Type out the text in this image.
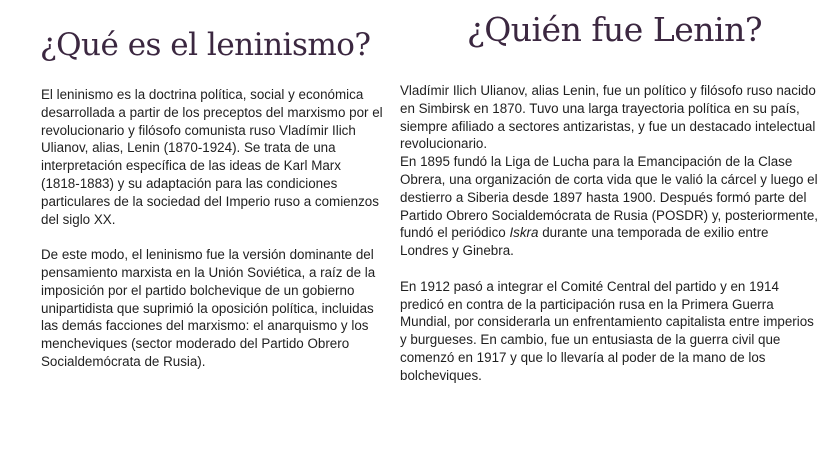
¿Qué es el leninismo?

El leninismo es la doctrina política, social y económica desarrollada a partir de los preceptos del marxismo por el revolucionario y filósofo comunista ruso Vladímir Ilich Ulianov, alias, Lenin (1870-1924). Se trata de una interpretación específica de las ideas de Karl Marx (1818-1883) y su adaptación para las condiciones particulares de la sociedad del Imperio ruso a comienzos del siglo XX.

De este modo, el leninismo fue la versión dominante del pensamiento marxista en la Unión Soviética, a raíz de la imposición por el partido bolchevique de un gobierno unipartidista que suprimió la oposición política, incluidas las demás facciones del marxismo: el anarquismo y los mencheviques (sector moderado del Partido Obrero Socialdemócrata de Rusia).

¿Quién fue Lenin?

Vladímir Ilich Ulianov, alias Lenin, fue un político y filósofo ruso nacido en Simbirsk en 1870. Tuvo una larga trayectoria política en su país, siempre afiliado a sectores antizaristas, y fue un destacado intelectual revolucionario.

En 1895 fundó la Liga de Lucha para la Emancipación de la Clase Obrera, una organización de corta vida que le valió la cárcel y luego el destierro a Siberia desde 1897 hasta 1900. Después formó parte del Partido Obrero Socialdemócrata de Rusia (POSDR) y, posteriormente, fundó el periódico Iskra durante una temporada de exilio entre Londres y Ginebra.

En 1912 pasó a integrar el Comité Central del partido y en 1914 predicó en contra de la participación rusa en la Primera Guerra Mundial, por considerarla un enfrentamiento capitalista entre imperios y burgueses. En cambio, fue un entusiasta de la guerra civil que comenzó en 1917 y que lo llevaría al poder de la mano de los bolcheviques.
